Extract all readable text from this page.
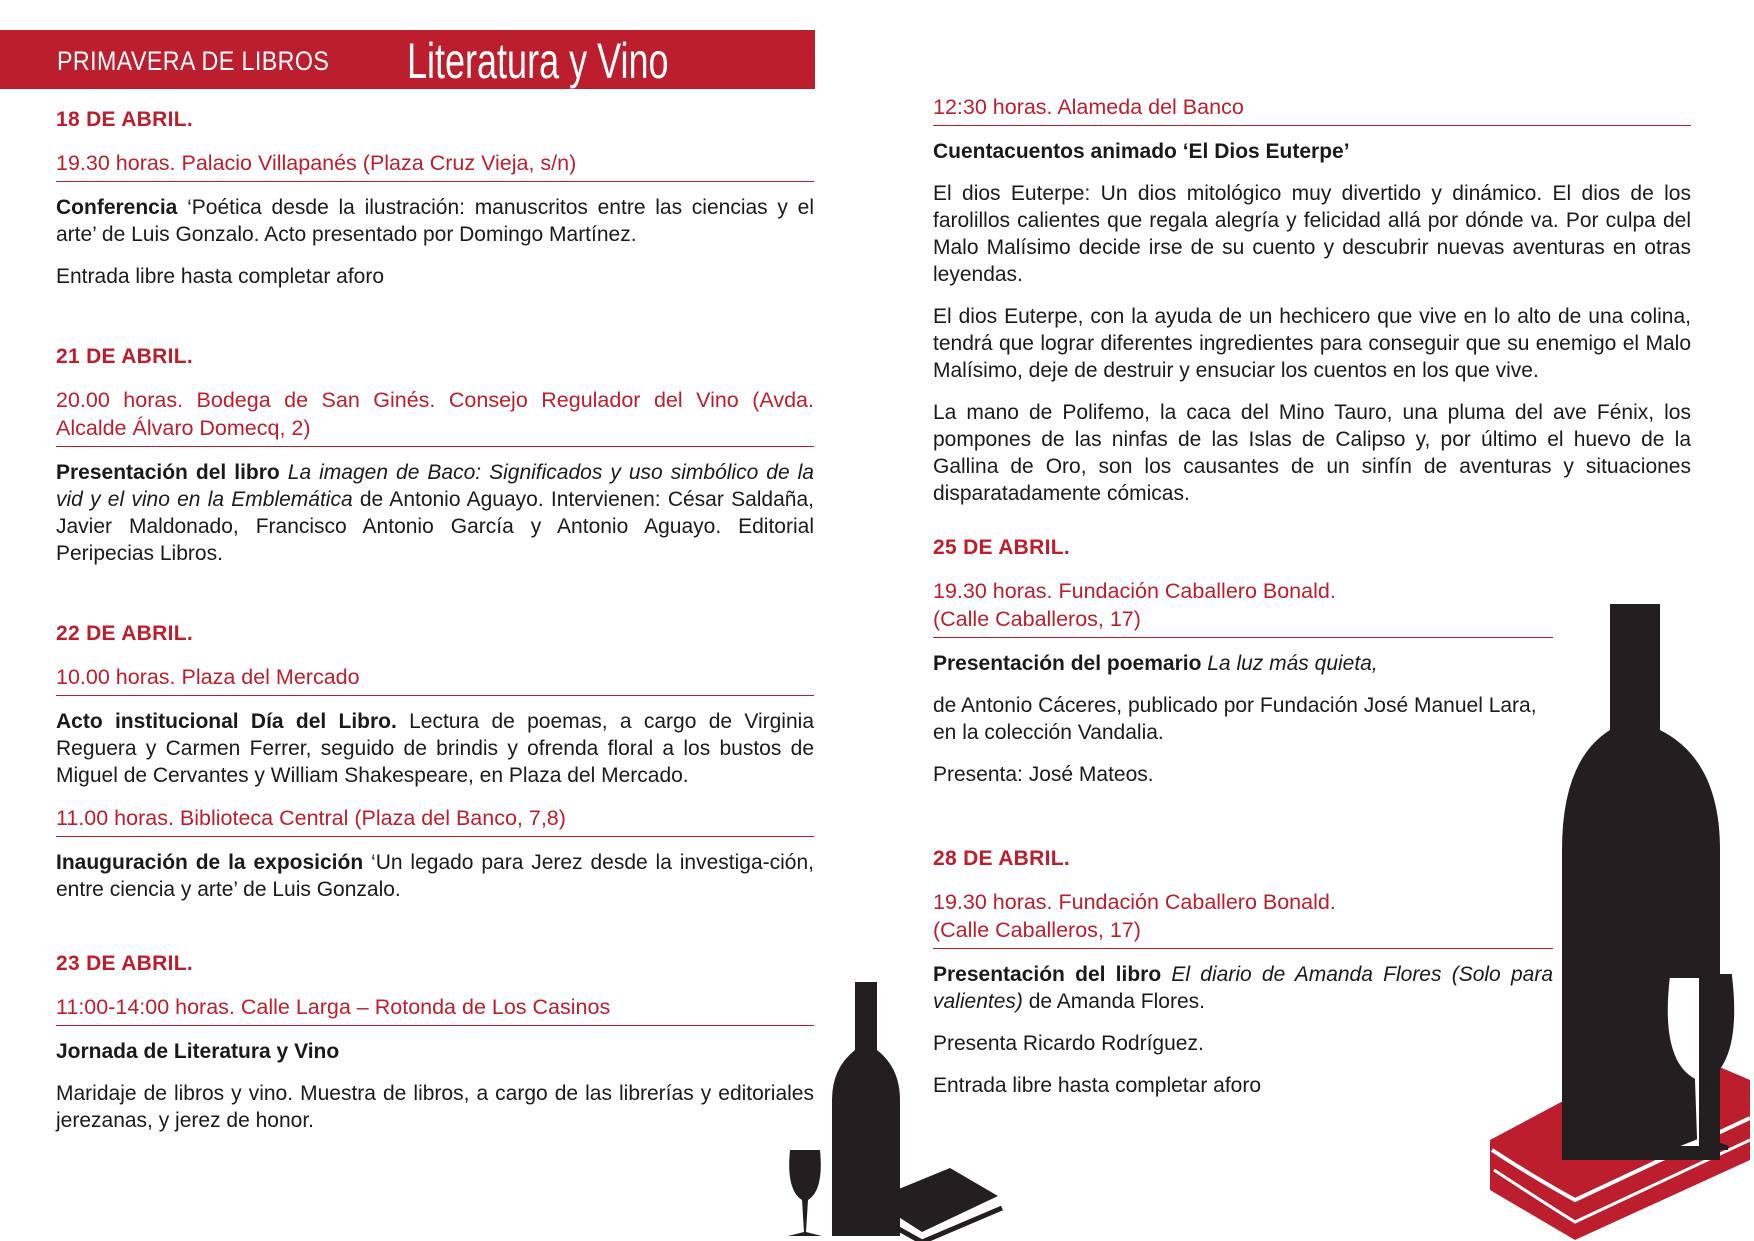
PRIMAVERA DE LIBROS Literatura y Vino
18 DE ABRIL.
19.30 horas. Palacio Villapanés (Plaza Cruz Vieja, s/n)
Conferencia ‘Poética desde la ilustración: manuscritos entre las ciencias y el arte’ de Luis Gonzalo. Acto presentado por Domingo Martínez.
Entrada libre hasta completar aforo
21 DE ABRIL.
20.00 horas. Bodega de San Ginés. Consejo Regulador del Vino (Avda. Alcalde Álvaro Domecq, 2)
Presentación del libro La imagen de Baco: Significados y uso simbólico de la vid y el vino en la Emblemática de Antonio Aguayo. Intervienen: César Saldaña, Javier Maldonado, Francisco Antonio García y Antonio Aguayo. Editorial Peripecias Libros.
22 DE ABRIL.
10.00 horas. Plaza del Mercado
Acto institucional Día del Libro. Lectura de poemas, a cargo de Virginia Reguera y Carmen Ferrer, seguido de brindis y ofrenda floral a los bustos de Miguel de Cervantes y William Shakespeare, en Plaza del Mercado.
11.00 horas. Biblioteca Central (Plaza del Banco, 7,8)
Inauguración de la exposición ‘Un legado para Jerez desde la investiga-ción, entre ciencia y arte’ de Luis Gonzalo.
23 DE ABRIL.
11:00-14:00 horas. Calle Larga – Rotonda de Los Casinos
Jornada de Literatura y Vino
Maridaje de libros y vino. Muestra de libros, a cargo de las librerías y editoriales jerezanas, y jerez de honor.
12:30 horas. Alameda del Banco
Cuentacuentos animado ‘El Dios Euterpe’
El dios Euterpe: Un dios mitológico muy divertido y dinámico. El dios de los farolillos calientes que regala alegría y felicidad allá por dónde va. Por culpa del Malo Malísimo decide irse de su cuento y descubrir nuevas aventuras en otras leyendas.
El dios Euterpe, con la ayuda de un hechicero que vive en lo alto de una colina, tendrá que lograr diferentes ingredientes para conseguir que su enemigo el Malo Malísimo, deje de destruir y ensuciar los cuentos en los que vive.
La mano de Polifemo, la caca del Mino Tauro, una pluma del ave Fénix, los pompones de las ninfas de las Islas de Calipso y, por último el huevo de la Gallina de Oro, son los causantes de un sinfín de aventuras y situaciones disparatadamente cómicas.
25 DE ABRIL.
19.30 horas. Fundación Caballero Bonald.
(Calle Caballeros, 17)
Presentación del poemario La luz más quieta,
de Antonio Cáceres, publicado por Fundación José Manuel Lara, en la colección Vandalia.
Presenta: José Mateos.
28 DE ABRIL.
19.30 horas. Fundación Caballero Bonald.
(Calle Caballeros, 17)
Presentación del libro El diario de Amanda Flores (Solo para valientes) de Amanda Flores.
Presenta Ricardo Rodríguez.
Entrada libre hasta completar aforo
